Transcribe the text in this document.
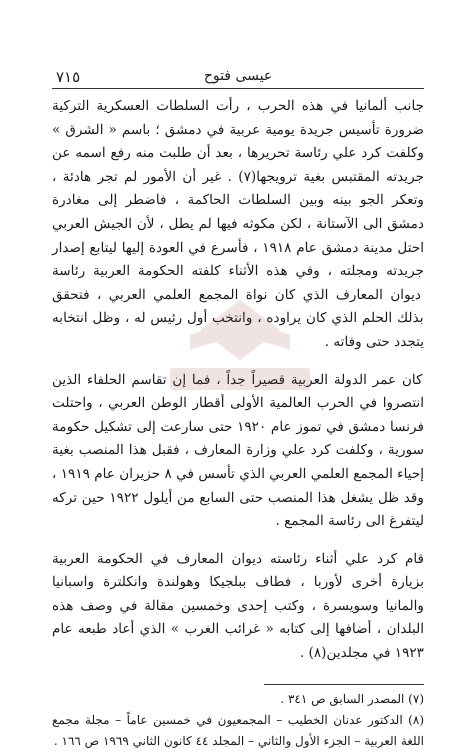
عيسى فتوح
٧١٥

جانب ألمانيا في هذه الحرب ، رأت السلطات العسكرية التركية ضرورة تأسيس جريدة يومية عربية في دمشق ؛ باسم « الشرق » وكلفت كرد علي رئاسة تحريرها ، بعد أن طلبت منه رفع اسمه عن جريدته المقتبس بغية ترويجها(٧) . غير أن الأمور لم تجر هادئة ، وتعكر الجو بينه وبين السلطات الحاكمة ، فاضطر إلى مغادرة دمشق الى الآستانة ، لكن مكوثه فيها لم يطل ، لأن الجيش العربي احتل مدينة دمشق عام ١٩١٨ ، فأسرع في العودة إليها ليتابع إصدار جريدته ومجلته ، وفي هذه الأثناء كلفته الحكومة العربية رئاسة ديوان المعارف الذي كان نواة المجمع العلمي العربي ، فتحقق بذلك الحلم الذي كان يراوده ، وانتخب أول رئيس له ، وظل انتخابه يتجدد حتى وفاته .

كان عمر الدولة العربية قصيراً جداً ، فما إن تقاسم الحلفاء الذين انتصروا في الحرب العالمية الأولى أقطار الوطن العربي ، واحتلت فرنسا دمشق في تموز عام ١٩٢٠ حتى سارعت إلى تشكيل حكومة سورية ، وكلفت كرد علي وزارة المعارف ، فقبل هذا المنصب بغية إحياء المجمع العلمي العربي الذي تأسس في ٨ حزيران عام ١٩١٩ ، وقد ظل يشغل هذا المنصب حتى السابع من أيلول ١٩٢٢ حين تركه ليتفرغ الى رئاسة المجمع .

قام كرد علي أثناء رئاسته ديوان المعارف في الحكومة العربية بزيارة أخرى لأوربا ، فطاف ببلجيكا وهولندة وانكلترة واسبانيا والمانيا وسويسرة ، وكتب إحدى وخمسين مقالة في وصف هذه البلدان ، أضافها إلى كتابه « غرائب الغرب » الذي أعاد طبعه عام ١٩٢٣ في مجلدين(٨) .

(٧) المصدر السابق ص ٣٤١ .

(٨) الدكتور عدنان الخطيب – المجمعيون في خمسين عاماً – مجلة مجمع اللغة العربية – الجزء الأول والثاني – المجلد ٤٤ كانون الثاني ١٩٦٩ ص ١٦٦ .
